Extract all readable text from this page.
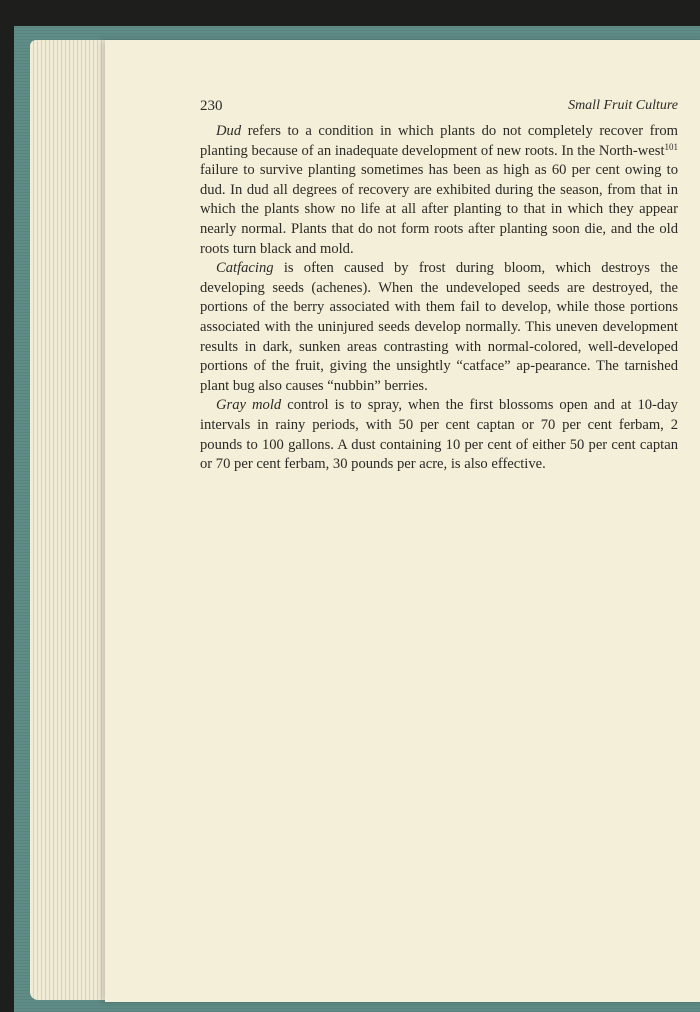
230	Small Fruit Culture

Dud refers to a condition in which plants do not completely recover from planting because of an inadequate development of new roots. In the North-west$^{101}$ failure to survive planting sometimes has been as high as 60 per cent owing to dud. In dud all degrees of recovery are exhibited during the season, from that in which the plants show no life at all after planting to that in which they appear nearly normal. Plants that do not form roots after planting soon die, and the old roots turn black and mold.

Catfacing is often caused by frost during bloom, which destroys the developing seeds (achenes). When the undeveloped seeds are destroyed, the portions of the berry associated with them fail to develop, while those portions associated with the uninjured seeds develop normally. This uneven development results in dark, sunken areas contrasting with normal-colored, well-developed portions of the fruit, giving the unsightly “catface” ap-pearance. The tarnished plant bug also causes “nubbin” berries.

Gray mold control is to spray, when the first blossoms open and at 10-day intervals in rainy periods, with 50 per cent captan or 70 per cent ferbam, 2 pounds to 100 gallons. A dust containing 10 per cent of either 50 per cent captan or 70 per cent ferbam, 30 pounds per acre, is also effective.
